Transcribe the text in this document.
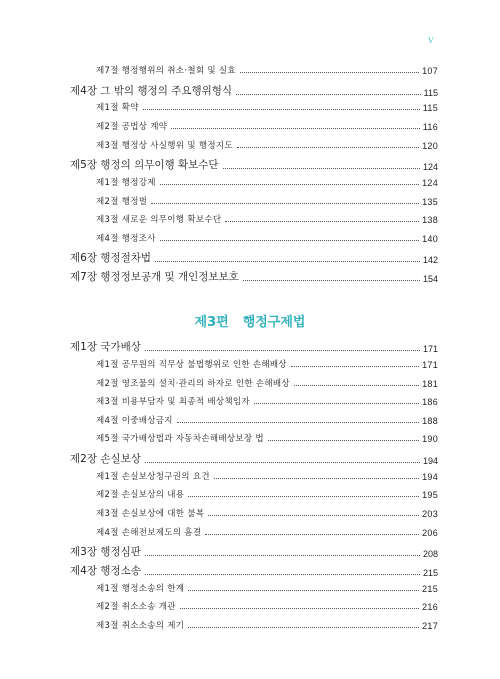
V
제7절 행정행위의 취소·철회 및 실효	107
제4장 그 밖의 행정의 주요행위형식	115
제1절 확약	115
제2절 공법상 계약	116
제3절 행정상 사실행위 및 행정지도	120
제5장 행정의 의무이행 확보수단	124
제1절 행정강제	124
제2절 행정벌	135
제3절 새로운 의무이행 확보수단	138
제4절 행정조사	140
제6장 행정절차법	142
제7장 행정정보공개 및 개인정보보호	154
제1장 국가배상	171
제1절 공무원의 직무상 불법행위로 인한 손해배상	171
제2절 영조물의 설치·관리의 하자로 인한 손해배상	181
제3절 비용부담자 및 최종적 배상책임자	186
제4절 이중배상금지	188
제5절 국가배상법과 자동차손해배상보장 법	190
제2장 손실보상	194
제1절 손실보상청구권의 요건	194
제2절 손실보상의 내용	195
제3절 손실보상에 대한 불복	203
제4절 손해전보제도의 흠결	206
제3장 행정심판	208
제4장 행정소송	215
제1절 행정소송의 한계	215
제2절 취소소송 개관	216
제3절 취소소송의 제기	217
제3편 행정구제법
